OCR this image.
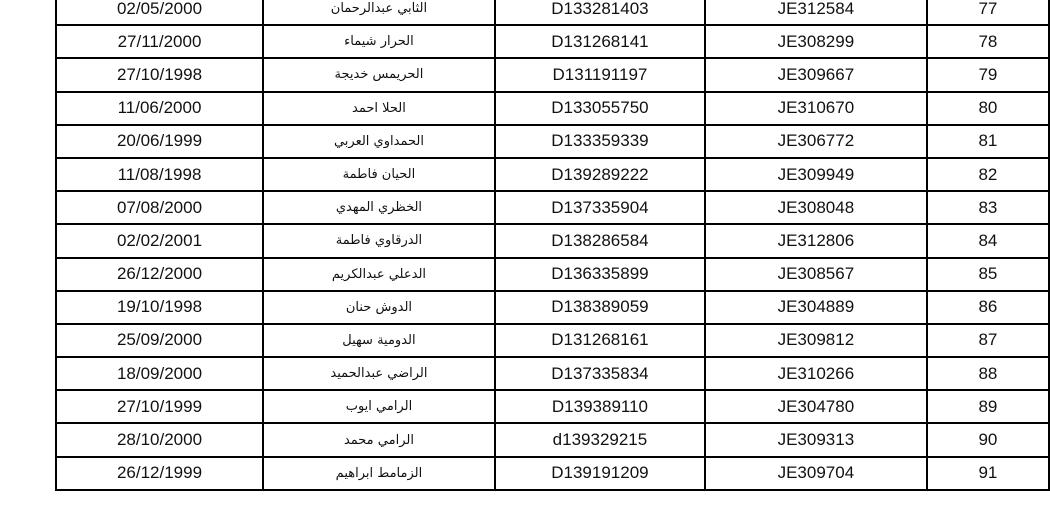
02/05/2000	الثابي عبدالرحمان	D133281403	JE312584	77
27/11/2000	الحرار شيماء	D131268141	JE308299	78
27/10/1998	الحريمس خديجة	D131191197	JE309667	79
11/06/2000	الحلا احمد	D133055750	JE310670	80
20/06/1999	الحمداوي العربي	D133359339	JE306772	81
11/08/1998	الحيان فاطمة	D139289222	JE309949	82
07/08/2000	الخظري المهدي	D137335904	JE308048	83
02/02/2001	الدرقاوي فاطمة	D138286584	JE312806	84
26/12/2000	الدعلي عبدالكريم	D136335899	JE308567	85
19/10/1998	الدوش حنان	D138389059	JE304889	86
25/09/2000	الدومية سهيل	D131268161	JE309812	87
18/09/2000	الراضي عبدالحميد	D137335834	JE310266	88
27/10/1999	الرامي ايوب	D139389110	JE304780	89
28/10/2000	الرامي محمد	d139329215	JE309313	90
26/12/1999	الزمامط ابراهيم	D139191209	JE309704	91
